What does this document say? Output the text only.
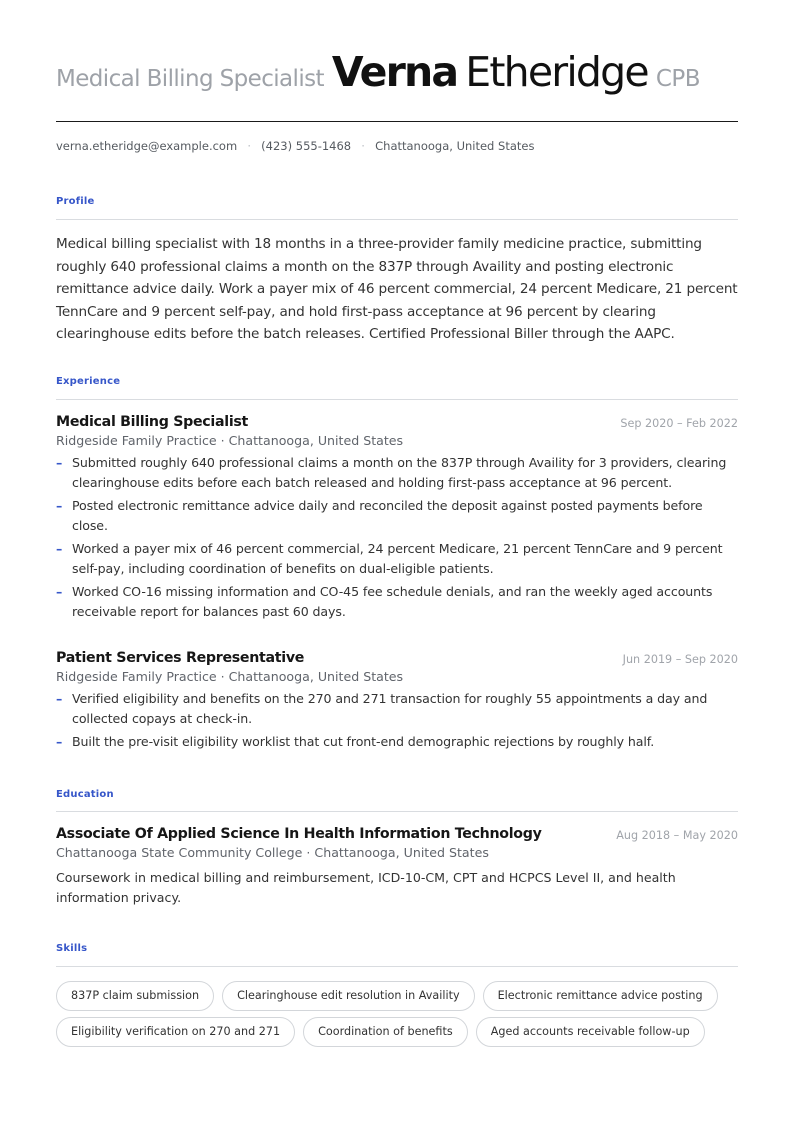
Medical Billing Specialist Verna Etheridge CPB
verna.etheridge@example.com · (423) 555-1468 · Chattanooga, United States
Profile

Medical billing specialist with 18 months in a three-provider family medicine practice, submitting roughly 640 professional claims a month on the 837P through Availity and posting electronic remittance advice daily. Work a payer mix of 46 percent commercial, 24 percent Medicare, 21 percent TennCare and 9 percent self-pay, and hold first-pass acceptance at 96 percent by clearing clearinghouse edits before the batch releases. Certified Professional Biller through the AAPC.

Experience
Medical Billing Specialist	Sep 2020 – Feb 2022
Ridgeside Family Practice · Chattanooga, United States
– Submitted roughly 640 professional claims a month on the 837P through Availity for 3 providers, clearing clearinghouse edits before each batch released and holding first-pass acceptance at 96 percent.
– Posted electronic remittance advice daily and reconciled the deposit against posted payments before close.
– Worked a payer mix of 46 percent commercial, 24 percent Medicare, 21 percent TennCare and 9 percent self-pay, including coordination of benefits on dual-eligible patients.
– Worked CO-16 missing information and CO-45 fee schedule denials, and ran the weekly aged accounts receivable report for balances past 60 days.
Patient Services Representative	Jun 2019 – Sep 2020
Ridgeside Family Practice · Chattanooga, United States
– Verified eligibility and benefits on the 270 and 271 transaction for roughly 55 appointments a day and collected copays at check-in.
– Built the pre-visit eligibility worklist that cut front-end demographic rejections by roughly half.
Education
Associate Of Applied Science In Health Information Technology	Aug 2018 – May 2020
Chattanooga State Community College · Chattanooga, United States

Coursework in medical billing and reimbursement, ICD-10-CM, CPT and HCPCS Level II, and health information privacy.

Skills
837P claim submission	Clearinghouse edit resolution in Availity	Electronic remittance advice posting
Eligibility verification on 270 and 271	Coordination of benefits	Aged accounts receivable follow-up
